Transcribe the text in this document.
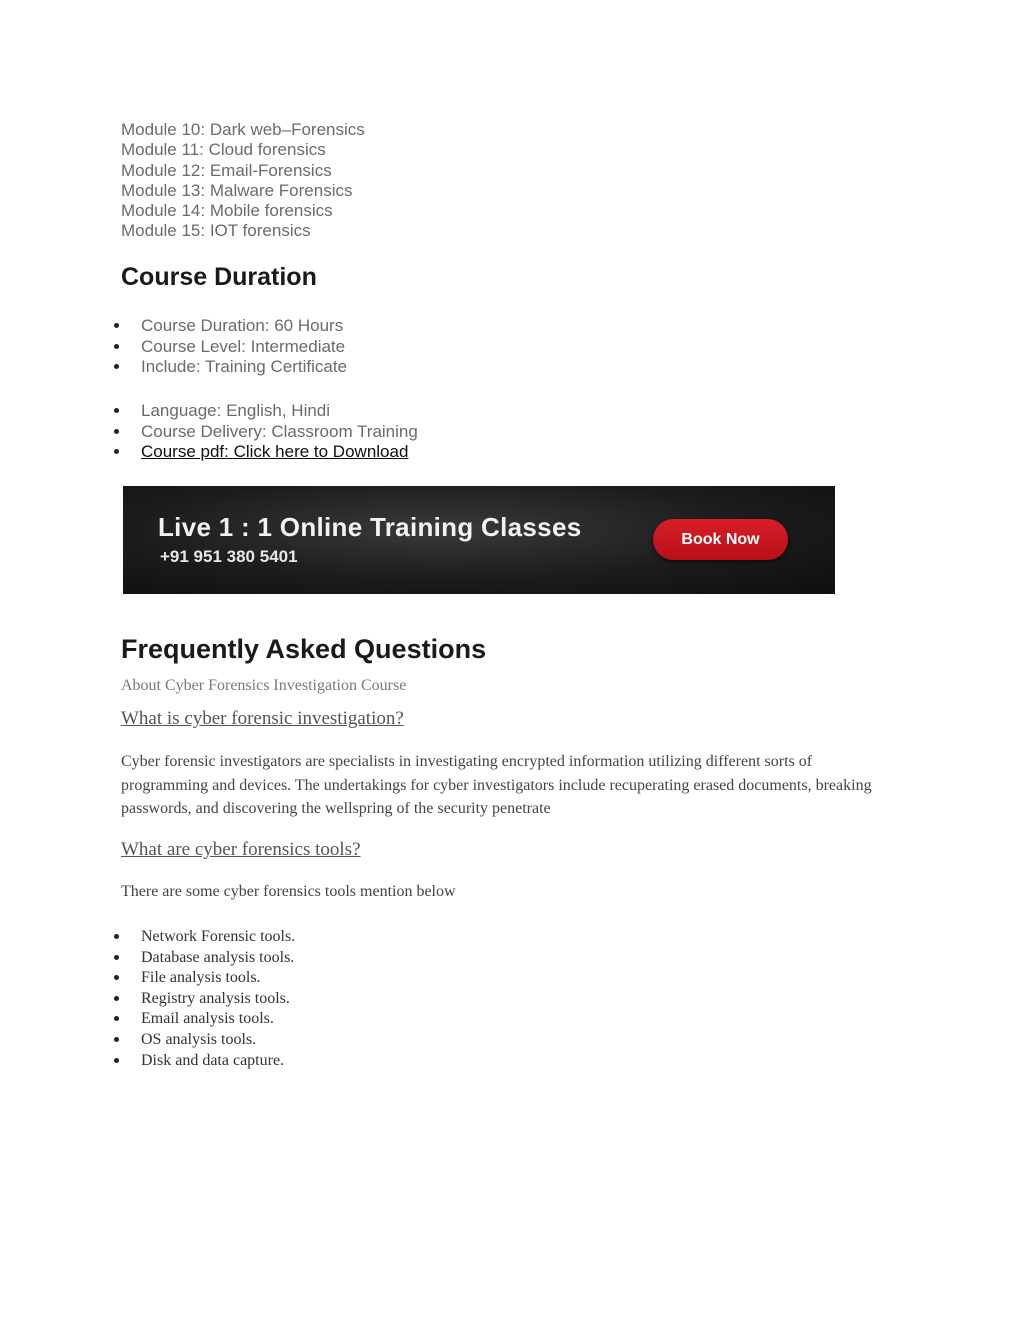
Module 10: Dark web–Forensics
Module 11: Cloud forensics
Module 12: Email-Forensics
Module 13: Malware Forensics
Module 14: Mobile forensics
Module 15: IOT forensics
Course Duration
Course Duration: 60 Hours
Course Level: Intermediate
Include: Training Certificate
Language: English, Hindi
Course Delivery: Classroom Training
Course pdf: Click here to Download
Live 1 : 1 Online Training Classes
+91 951 380 5401
Book Now
Frequently Asked Questions
About Cyber Forensics Investigation Course
What is cyber forensic investigation?

Cyber forensic investigators are specialists in investigating encrypted information utilizing different sorts of programming and devices. The undertakings for cyber investigators include recuperating erased documents, breaking passwords, and discovering the wellspring of the security penetrate

What are cyber forensics tools?

There are some cyber forensics tools mention below

Network Forensic tools.
Database analysis tools.
File analysis tools.
Registry analysis tools.
Email analysis tools.
OS analysis tools.
Disk and data capture.
